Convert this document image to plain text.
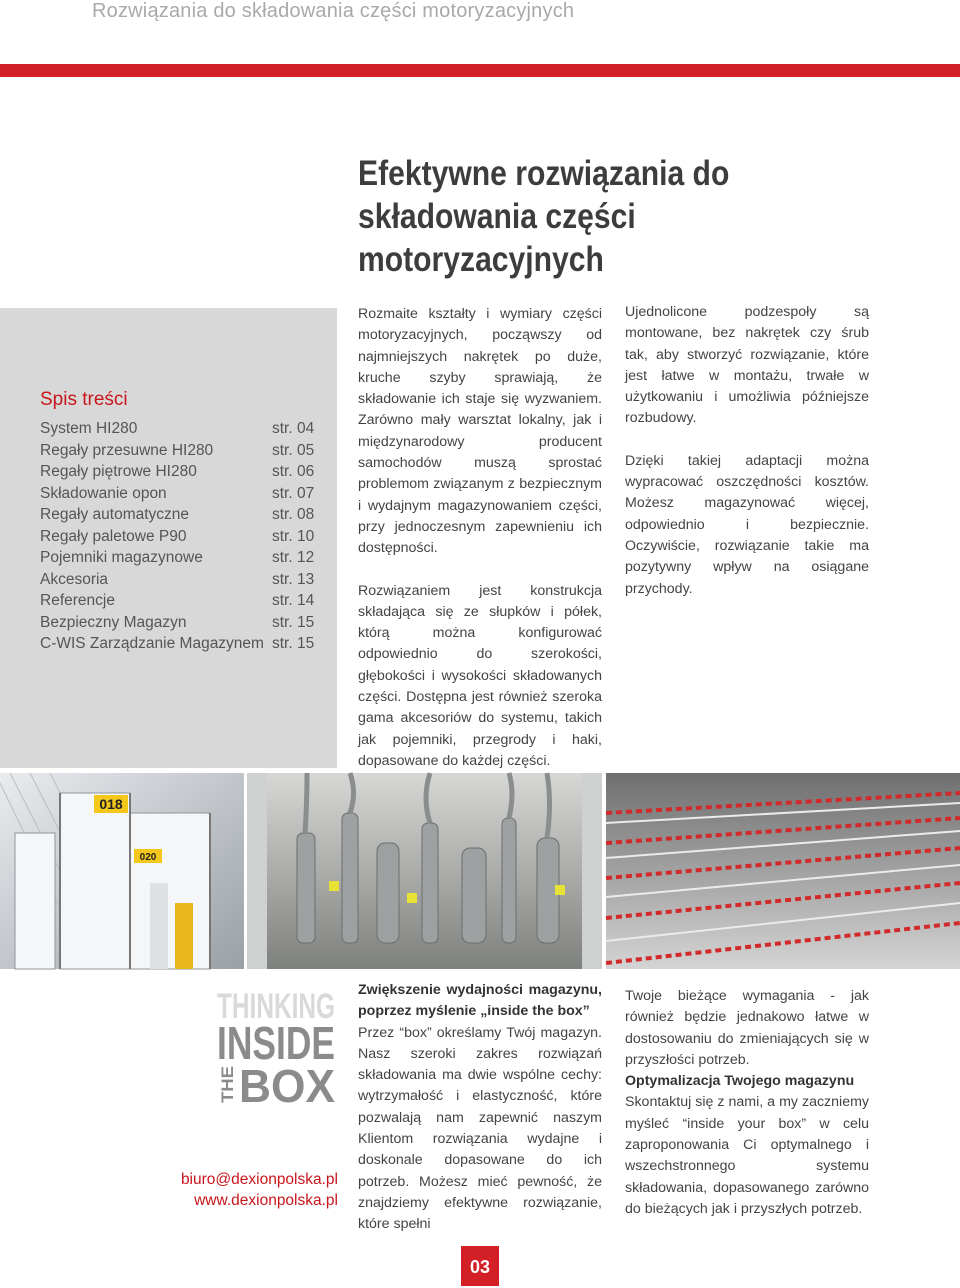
Rozwiązania do składowania części motoryzacyjnych
Efektywne rozwiązania do składowania części motoryzacyjnych
Spis treści
System HI280	str. 04
Regały przesuwne HI280	str. 05
Regały piętrowe HI280	str. 06
Składowanie opon	str. 07
Regały automatyczne	str. 08
Regały paletowe P90	str. 10
Pojemniki magazynowe	str. 12
Akcesoria	str. 13
Referencje	str. 14
Bezpieczny Magazyn	str. 15
C-WIS Zarządzanie Magazynem str. 15

Rozmaite kształty i wymiary części motoryzacyjnych, począwszy od najmniejszych nakrętek po duże, kruche szyby sprawiają, że składowanie ich staje się wyzwaniem. Zarówno mały warsztat lokalny, jak i międzynarodowy producent samochodów muszą sprostać problemom związanym z bezpiecznym i wydajnym magazynowaniem części, przy jednoczesnym zapewnieniu ich dostępności.

Rozwiązaniem jest konstrukcja składająca się ze słupków i półek, którą można konfigurować odpowiednio do szerokości, głębokości i wysokości składowanych części. Dostępna jest również szeroka gama akcesoriów do systemu, takich jak pojemniki, przegrody i haki, dopasowane do każdej części.

Ujednolicone podzespoły są montowane, bez nakrętek czy śrub tak, aby stworzyć rozwiązanie, które jest łatwe w montażu, trwałe w użytkowaniu i umożliwia późniejsze rozbudowy.

Dzięki takiej adaptacji można wypracować oszczędności kosztów. Możesz magazynować więcej, odpowiednio i bezpiecznie. Oczywiście, rozwiązanie takie ma pozytywny wpływ na osiągane przychody.

018
020
THINKING
INSIDE
THE BOX
biuro@dexionpolska.pl
www.dexionpolska.pl
Zwiększenie wydajności magazynu, poprzez myślenie „inside the box”
Przez “box” określamy Twój magazyn. Nasz szeroki zakres rozwiązań składowania ma dwie wspólne cechy: wytrzymałość i elastyczność, które pozwalają nam zapewnić naszym Klientom rozwiązania wydajne i doskonale dopasowane do ich potrzeb. Możesz mieć pewność, że znajdziemy efektywne rozwiązanie, które spełni
Twoje bieżące wymagania - jak również będzie jednakowo łatwe w dostosowaniu do zmieniających się w przyszłości potrzeb.
Optymalizacja Twojego magazynu
Skontaktuj się z nami, a my zaczniemy myśleć “inside your box” w celu zaproponowania Ci optymalnego i wszechstronnego systemu składowania, dopasowanego zarówno do bieżących jak i przyszłych potrzeb.
03
